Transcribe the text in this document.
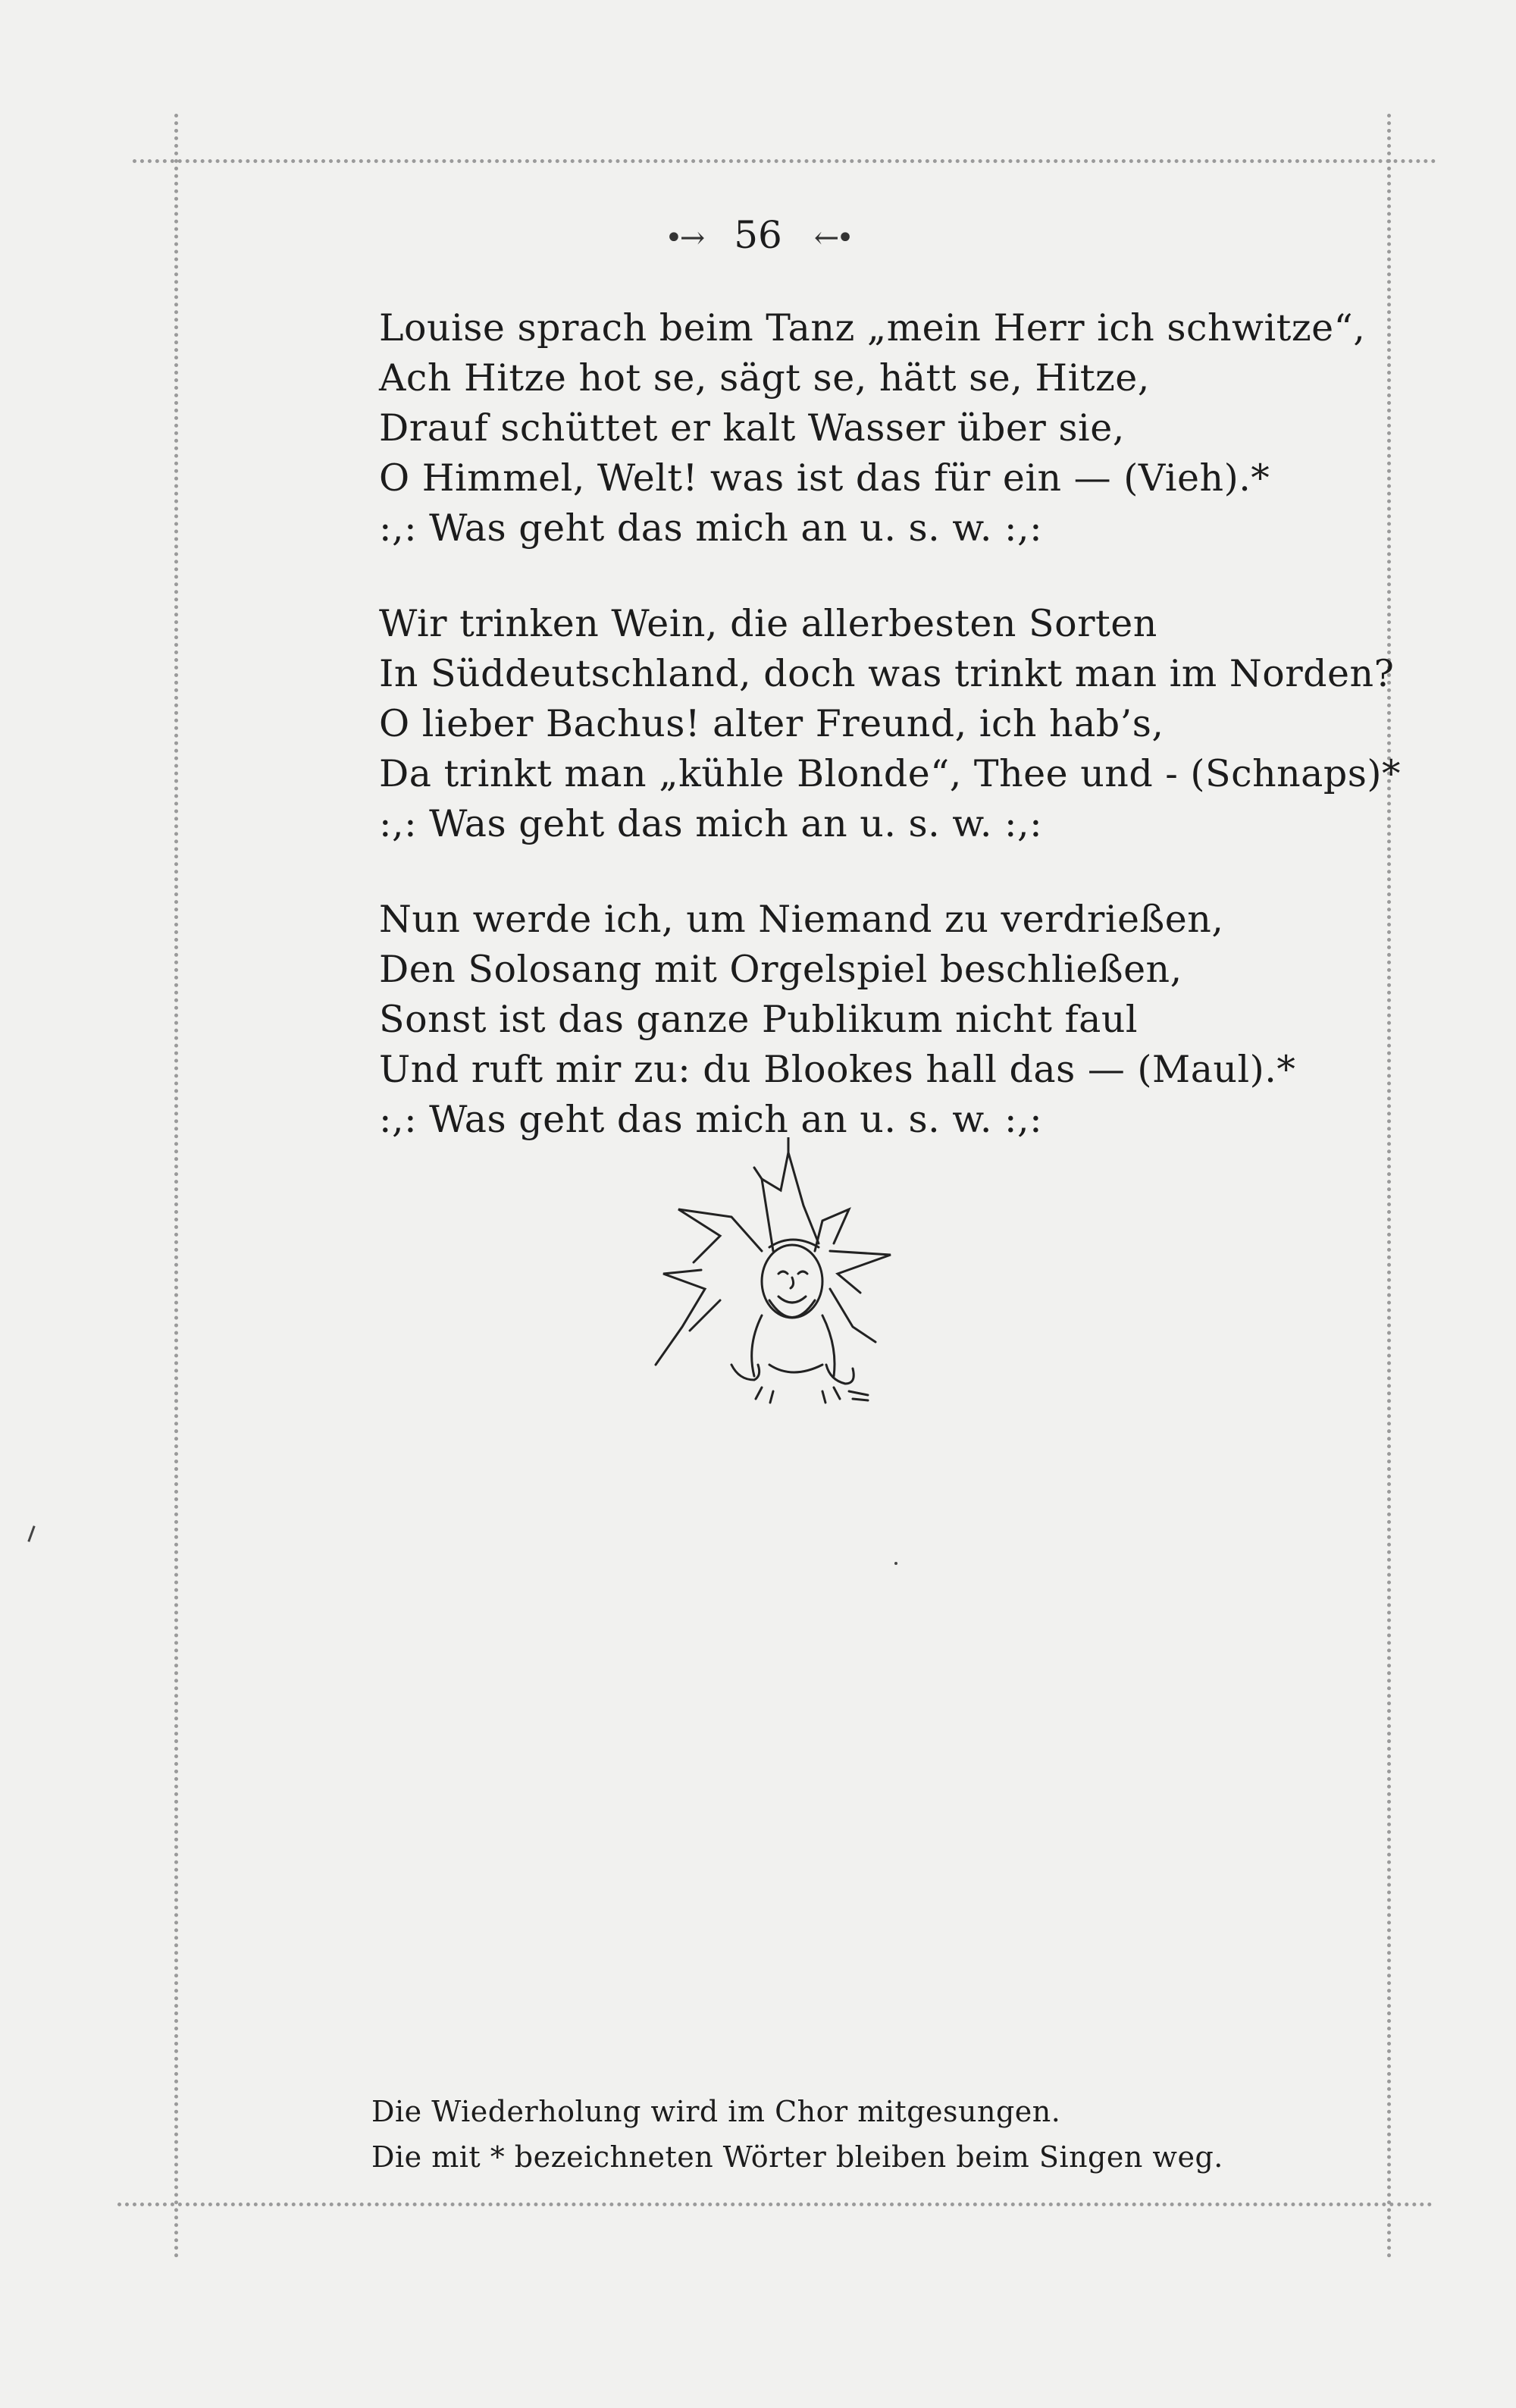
•→ 56 ←•
Louise sprach beim Tanz „mein Herr ich schwitze“,
Ach Hitze hot se, sägt se, hätt se, Hitze,
Drauf schüttet er kalt Wasser über sie,
O Himmel, Welt! was ist das für ein — (Vieh).*
:,: Was geht das mich an u. s. w. :,:
Wir trinken Wein, die allerbesten Sorten
In Süddeutschland, doch was trinkt man im Norden?
O lieber Bachus! alter Freund, ich hab’s,
Da trinkt man „kühle Blonde“, Thee und - (Schnaps)*
:,: Was geht das mich an u. s. w. :,:
Nun werde ich, um Niemand zu verdrießen,
Den Solosang mit Orgelspiel beschließen,
Sonst ist das ganze Publikum nicht faul
Und ruft mir zu: du Blookes hall das — (Maul).*
:,: Was geht das mich an u. s. w. :,:
Die Wiederholung wird im Chor mitgesungen.
Die mit * bezeichneten Wörter bleiben beim Singen weg.
